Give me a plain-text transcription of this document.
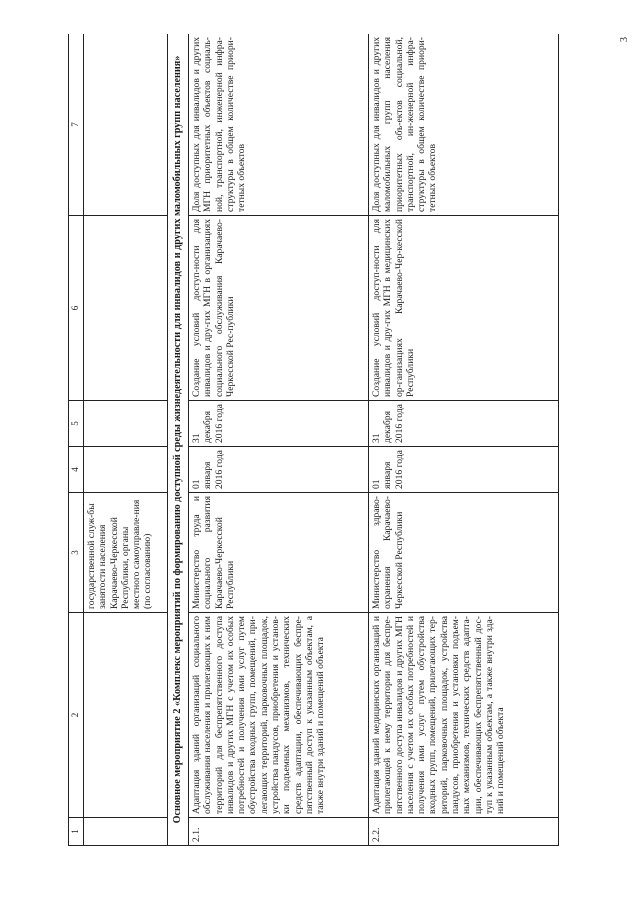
3
1	2	3	4	5	6	7
		государственной служ-бы занятости населения Карачаево-Черкесской Республики, органы местного самоуправле-ния (по согласованию)				
Основное мероприятие 2 «Комплекс мероприятий по формированию доступной среды жизнедеятельности для инвалидов и других маломобильных групп населения»						
2.1.	Адаптация зданий организаций социального обслуживания населения и прилегающих к ним территорий для беспрепятственного доступа инвалидов и других МГН с учетом их особых потребностей и получения ими услуг путем обустройства входных групп, помещений, при-легающих территорий, парковочных площадок, устройства пандусов, приобретения и установ-ки подъемных механизмов, технических средств адаптации, обеспечивающих беспре-пятственный доступ к указанным объектам, а также внутри зданий и помещений объекта	Министерство труда и социального развития Карачаево-Черкесской Республики	01 января 2016 года	31 декабря 2016 года	Создание условий доступ-ности для инвалидов и дру-гих МГН в организациях социального обслуживания Карачаево-Черкесской Рес-публики	Доля доступных для инвалидов и других МГН приоритетных объектов социаль-ной, транспортной, инженерной инфра-структуры в общем количестве приори-тетных объектов
2.2.	Адаптация зданий медицинских организаций и прилегающей к нему территории для беспре-пятственного доступа инвалидов и других МГН населения с учетом их особых потребностей и получения ими услуг путем обустройства входных групп, помещений, прилегающих тер-риторий, парковочных площадок, устройства пандусов, приобретения и установки подъем-ных механизмов, технических средств адапта-ции, обеспечивающих беспрепятственный дос-туп к указанным объектам, а также внутри зда-ний и помещений объекта	Министерство здраво-охранения Карачаево-Черкесской Республики	01 января 2016 года	31 декабря 2016 года	Создание условий доступ-ности для инвалидов и дру-гих МГН в медицинских ор-ганизациях Карачаево-Чер-кесской Республики	Доля доступных для инвалидов и других маломобильных групп населения приоритетных объ-ектов социальной, транспортной, ин-женерной инфра-структуры в общем количестве приори-тетных объектов
